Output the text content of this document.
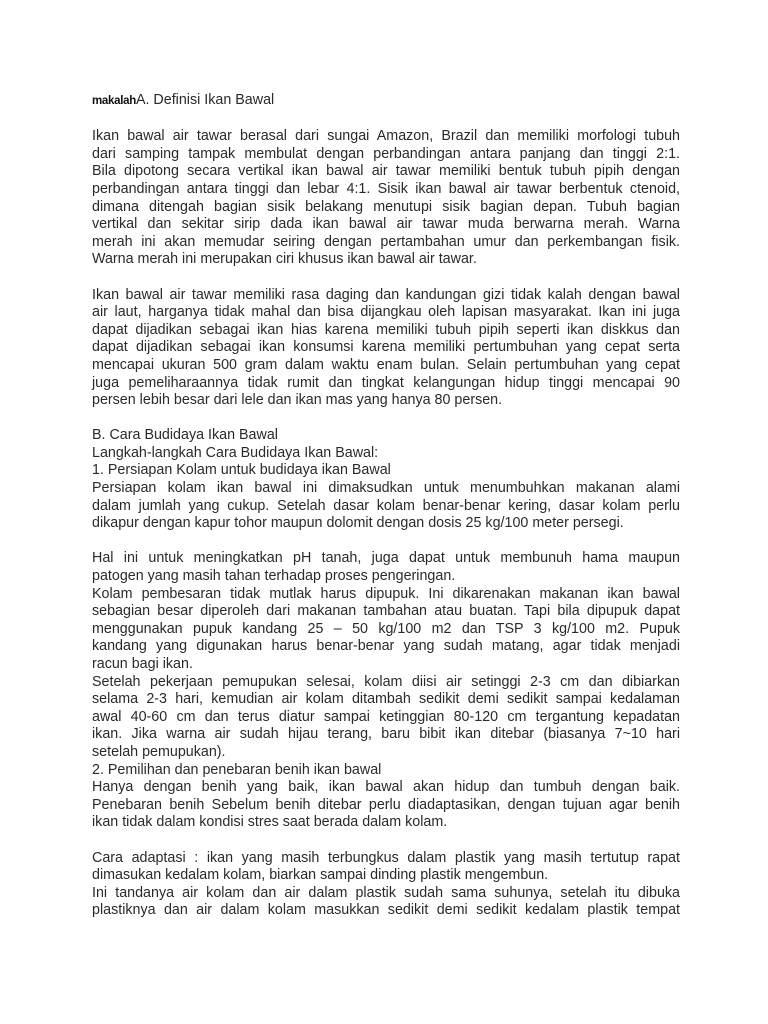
makalahA. Definisi Ikan Bawal
Ikan bawal air tawar berasal dari sungai Amazon, Brazil dan memiliki morfologi tubuh
dari samping tampak membulat dengan perbandingan antara panjang dan tinggi 2:1.
Bila dipotong secara vertikal ikan bawal air tawar memiliki bentuk tubuh pipih dengan
perbandingan antara tinggi dan lebar 4:1. Sisik ikan bawal air tawar berbentuk ctenoid,
dimana ditengah bagian sisik belakang menutupi sisik bagian depan. Tubuh bagian
vertikal dan sekitar sirip dada ikan bawal air tawar muda berwarna merah. Warna
merah ini akan memudar seiring dengan pertambahan umur dan perkembangan fisik.
Warna merah ini merupakan ciri khusus ikan bawal air tawar.
Ikan bawal air tawar memiliki rasa daging dan kandungan gizi tidak kalah dengan bawal
air laut, harganya tidak mahal dan bisa dijangkau oleh lapisan masyarakat. Ikan ini juga
dapat dijadikan sebagai ikan hias karena memiliki tubuh pipih seperti ikan diskkus dan
dapat dijadikan sebagai ikan konsumsi karena memiliki pertumbuhan yang cepat serta
mencapai ukuran 500 gram dalam waktu enam bulan. Selain pertumbuhan yang cepat
juga pemeliharaannya tidak rumit dan tingkat kelangungan hidup tinggi mencapai 90
persen lebih besar dari lele dan ikan mas yang hanya 80 persen.
B. Cara Budidaya Ikan Bawal
Langkah-langkah Cara Budidaya Ikan Bawal:
1. Persiapan Kolam untuk budidaya ikan Bawal
Persiapan kolam ikan bawal ini dimaksudkan untuk menumbuhkan makanan alami
dalam jumlah yang cukup. Setelah dasar kolam benar-benar kering, dasar kolam perlu
dikapur dengan kapur tohor maupun dolomit dengan dosis 25 kg/100 meter persegi.
Hal ini untuk meningkatkan pH tanah, juga dapat untuk membunuh hama maupun
patogen yang masih tahan terhadap proses pengeringan.
Kolam pembesaran tidak mutlak harus dipupuk. Ini dikarenakan makanan ikan bawal
sebagian besar diperoleh dari makanan tambahan atau buatan. Tapi bila dipupuk dapat
menggunakan pupuk kandang 25 – 50 kg/100 m2 dan TSP 3 kg/100 m2. Pupuk
kandang yang digunakan harus benar-benar yang sudah matang, agar tidak menjadi
racun bagi ikan.
Setelah pekerjaan pemupukan selesai, kolam diisi air setinggi 2-3 cm dan dibiarkan
selama 2-3 hari, kemudian air kolam ditambah sedikit demi sedikit sampai kedalaman
awal 40-60 cm dan terus diatur sampai ketinggian 80-120 cm tergantung kepadatan
ikan. Jika warna air sudah hijau terang, baru bibit ikan ditebar (biasanya 7~10 hari
setelah pemupukan).
2. Pemilihan dan penebaran benih ikan bawal
Hanya dengan benih yang baik, ikan bawal akan hidup dan tumbuh dengan baik.
Penebaran benih Sebelum benih ditebar perlu diadaptasikan, dengan tujuan agar benih
ikan tidak dalam kondisi stres saat berada dalam kolam.
Cara adaptasi : ikan yang masih terbungkus dalam plastik yang masih tertutup rapat
dimasukan kedalam kolam, biarkan sampai dinding plastik mengembun.
Ini tandanya air kolam dan air dalam plastik sudah sama suhunya, setelah itu dibuka
plastiknya dan air dalam kolam masukkan sedikit demi sedikit kedalam plastik tempat
